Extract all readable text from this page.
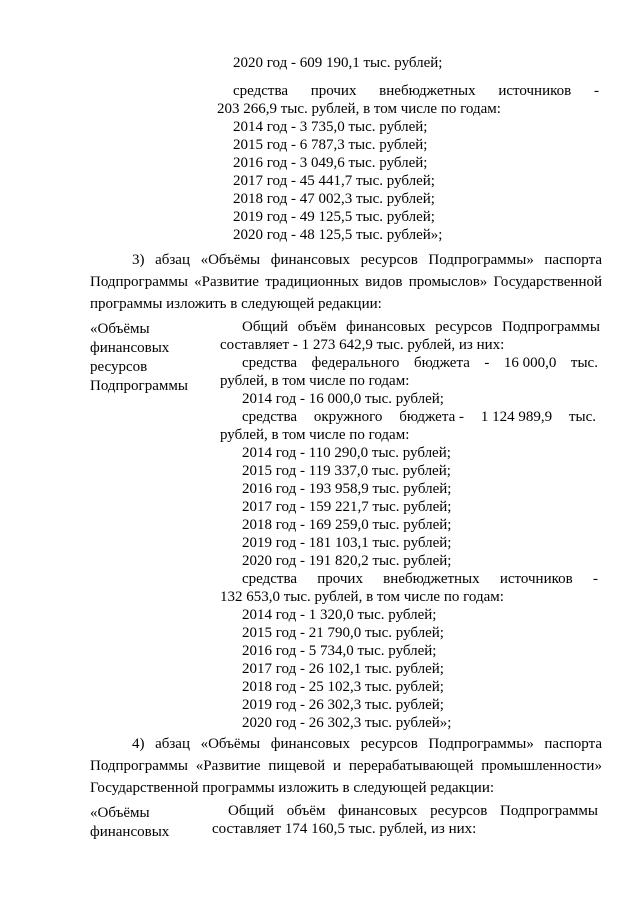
2020 год - 609 190,1 тыс. рублей;
средства прочих внебюджетных источников -
203 266,9 тыс. рублей, в том числе по годам:
2014 год - 3 735,0 тыс. рублей;
2015 год - 6 787,3 тыс. рублей;
2016 год - 3 049,6 тыс. рублей;
2017 год - 45 441,7 тыс. рублей;
2018 год - 47 002,3 тыс. рублей;
2019 год - 49 125,5 тыс. рублей;
2020 год - 48 125,5 тыс. рублей»;
3) абзац «Объёмы финансовых ресурсов Подпрограммы» паспорта
Подпрограммы «Развитие традиционных видов промыслов» Государственной
программы изложить в следующей редакции:
«Объёмы
финансовых
ресурсов
Подпрограммы
Общий объём финансовых ресурсов Подпрограммы
составляет - 1 273 642,9 тыс. рублей, из них:
средства федерального бюджета - 16 000,0 тыс.
рублей, в том числе по годам:
2014 год - 16 000,0 тыс. рублей;
средства окружного бюджета - 1 124 989,9 тыс.
рублей, в том числе по годам:
2014 год - 110 290,0 тыс. рублей;
2015 год - 119 337,0 тыс. рублей;
2016 год - 193 958,9 тыс. рублей;
2017 год - 159 221,7 тыс. рублей;
2018 год - 169 259,0 тыс. рублей;
2019 год - 181 103,1 тыс. рублей;
2020 год - 191 820,2 тыс. рублей;
средства прочих внебюджетных источников -
132 653,0 тыс. рублей, в том числе по годам:
2014 год - 1 320,0 тыс. рублей;
2015 год - 21 790,0 тыс. рублей;
2016 год - 5 734,0 тыс. рублей;
2017 год - 26 102,1 тыс. рублей;
2018 год - 25 102,3 тыс. рублей;
2019 год - 26 302,3 тыс. рублей;
2020 год - 26 302,3 тыс. рублей»;
4) абзац «Объёмы финансовых ресурсов Подпрограммы» паспорта
Подпрограммы «Развитие пищевой и перерабатывающей промышленности»
Государственной программы изложить в следующей редакции:
«Объёмы
финансовых
Общий объём финансовых ресурсов Подпрограммы
составляет 174 160,5 тыс. рублей, из них:
